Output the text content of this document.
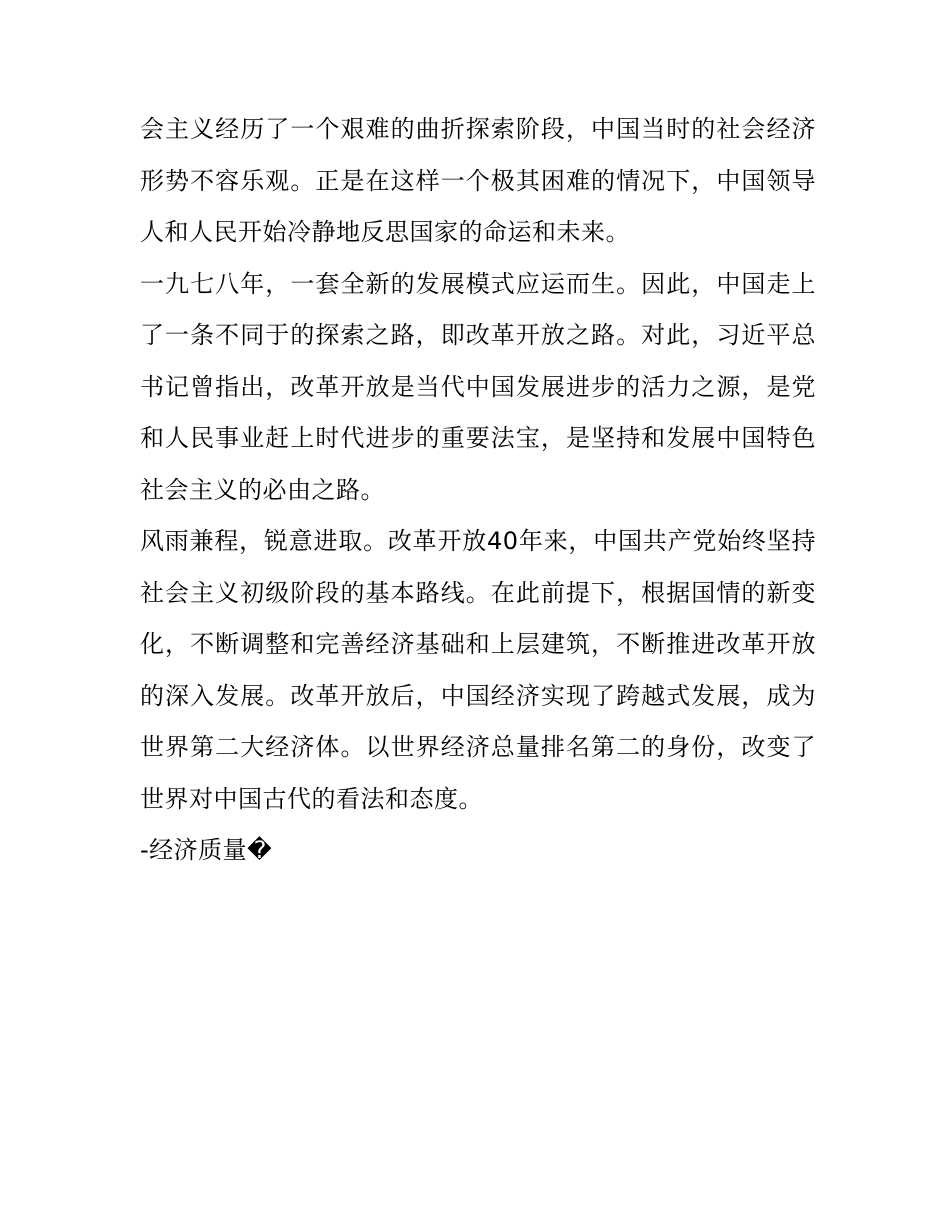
会主义经历了一个艰难的曲折探索阶段，中国当时的社会经济形势不容乐观。正是在这样一个极其困难的情况下，中国领导人和人民开始冷静地反思国家的命运和未来。

一九七八年，一套全新的发展模式应运而生。因此，中国走上了一条不同于的探索之路，即改革开放之路。对此，习近平总书记曾指出，改革开放是当代中国发展进步的活力之源，是党和人民事业赶上时代进步的重要法宝，是坚持和发展中国特色社会主义的必由之路。

风雨兼程，锐意进取。改革开放40年来，中国共产党始终坚持社会主义初级阶段的基本路线。在此前提下，根据国情的新变化，不断调整和完善经济基础和上层建筑，不断推进改革开放的深入发展。改革开放后，中国经济实现了跨越式发展，成为世界第二大经济体。以世界经济总量排名第二的身份，改变了世界对中国古代的看法和态度。

-经济质量�
